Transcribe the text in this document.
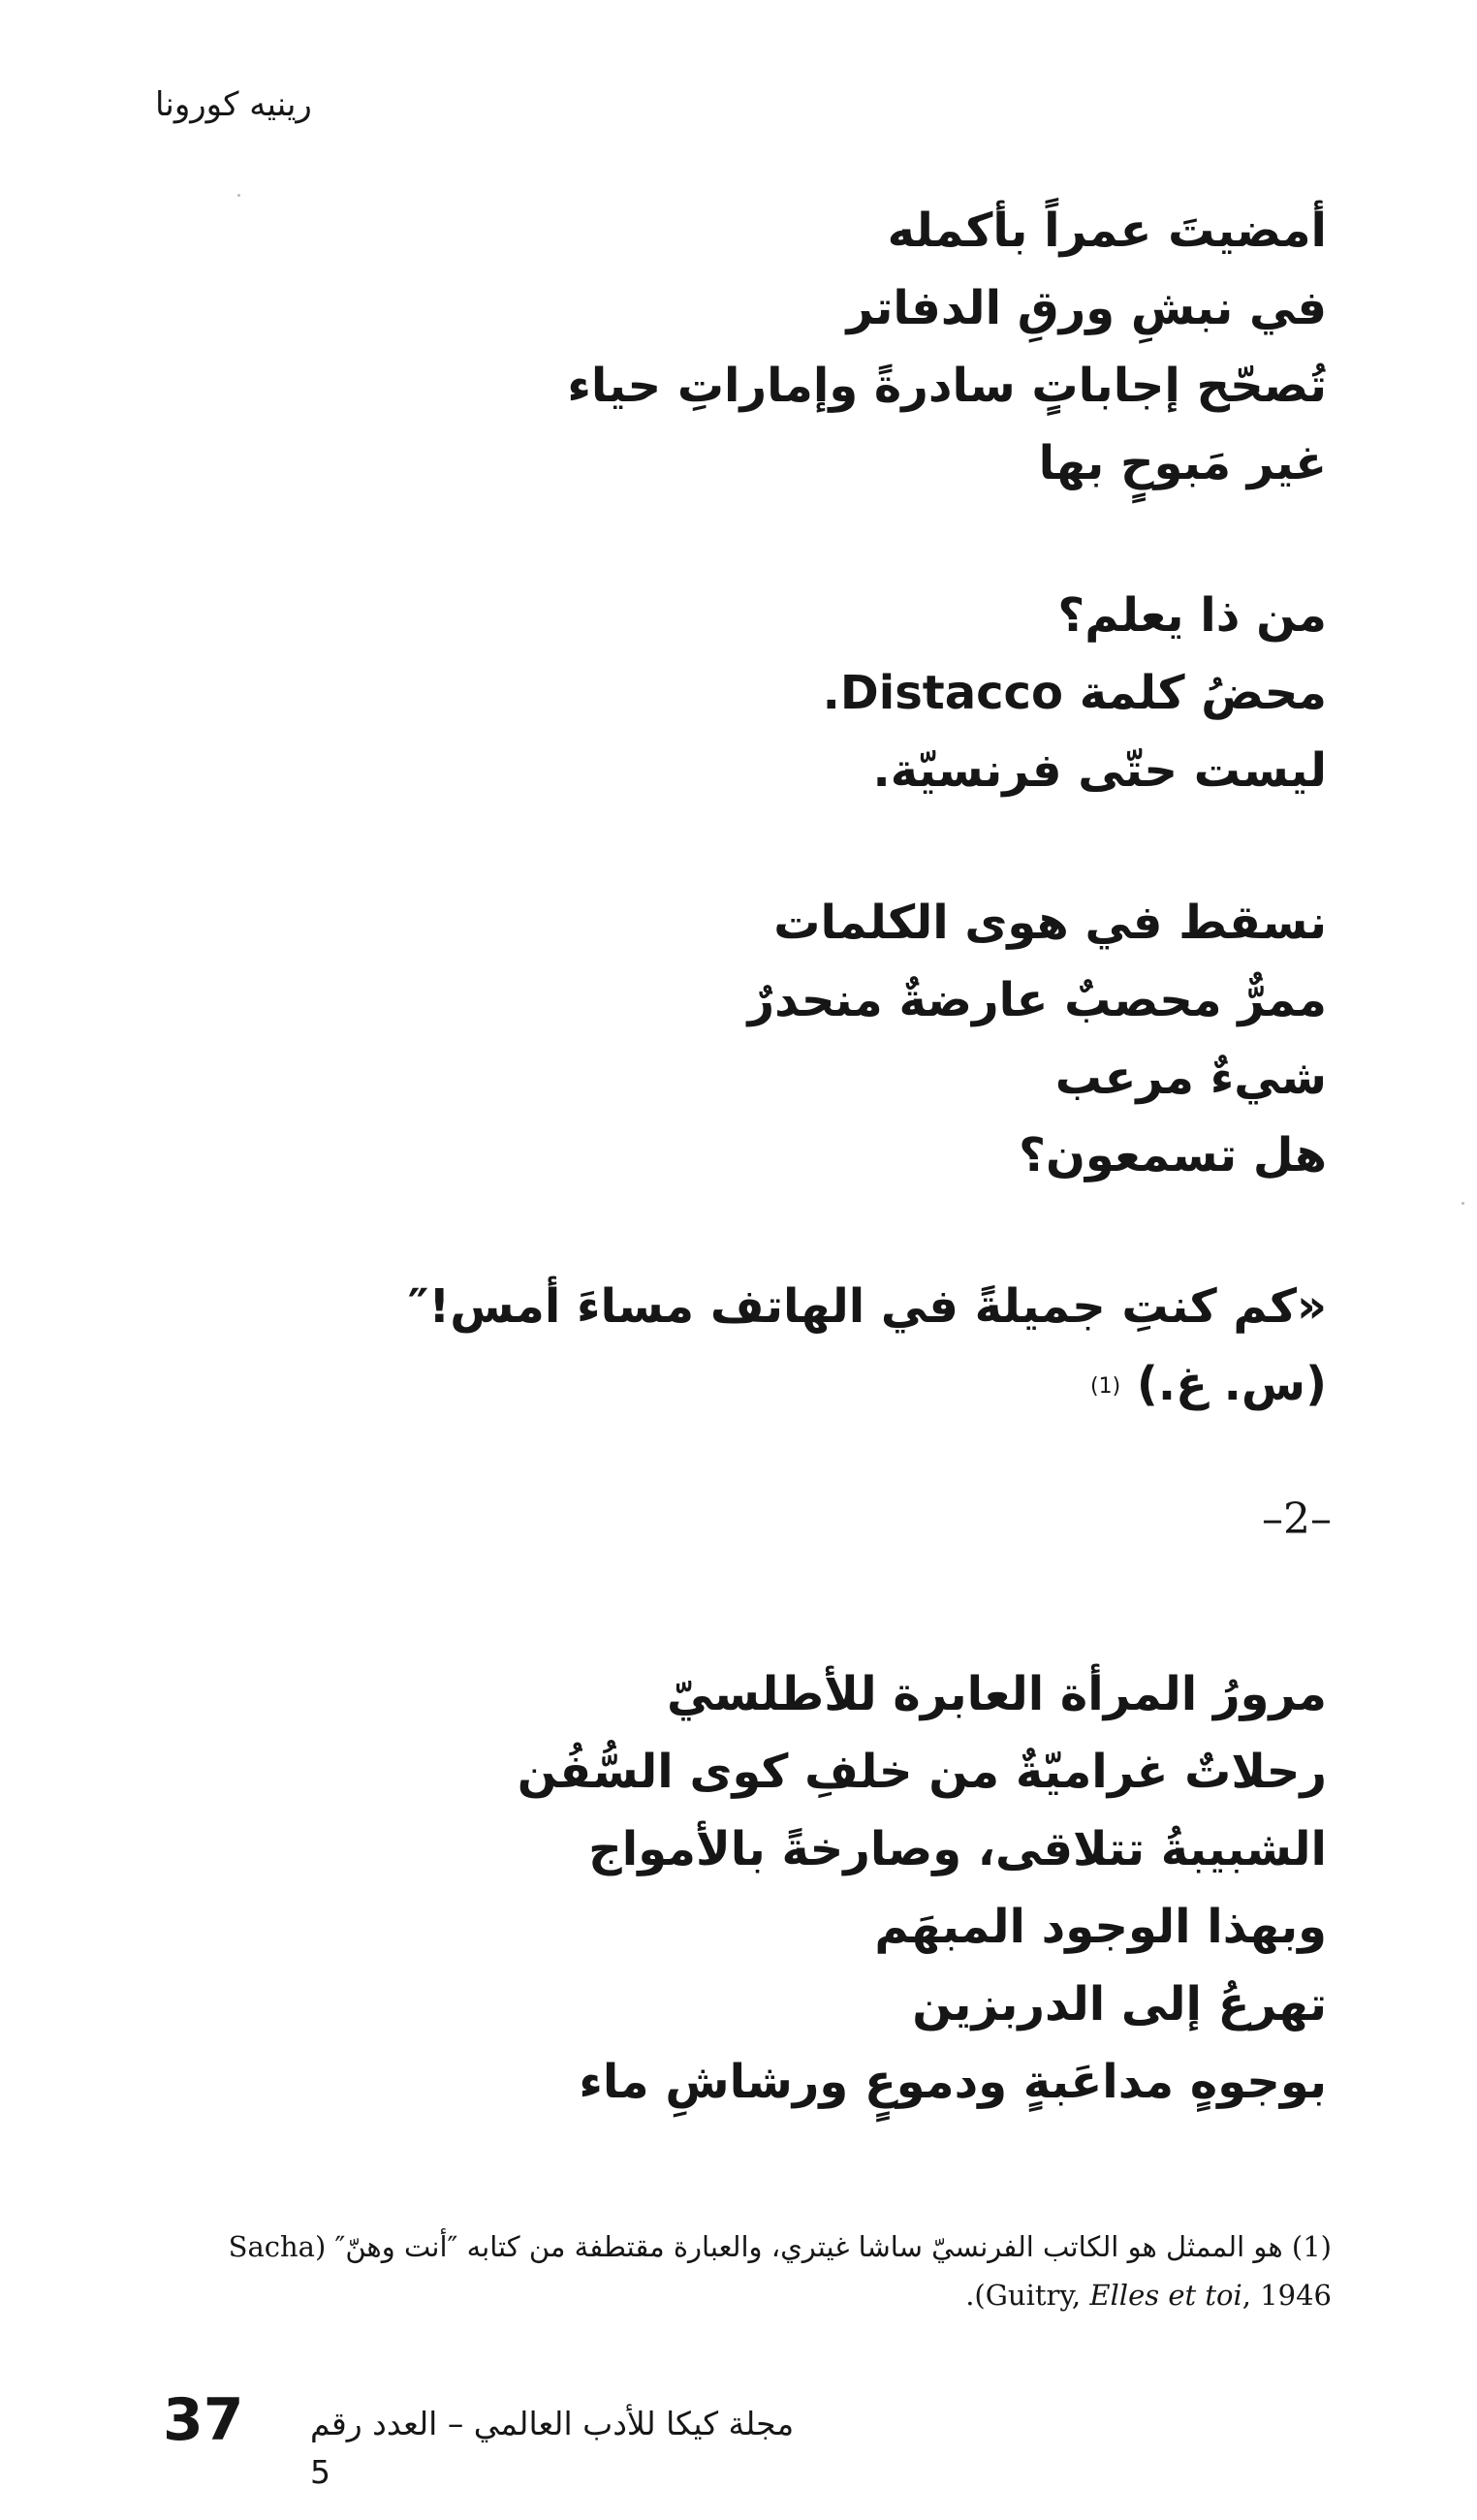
رينيه كورونا
أمضيتَ عمراً بأكمله
في نبشِ ورقِ الدفاتر
تُصحّح إجاباتٍ سادرةً وإماراتِ حياء
غير مَبوحٍ بها
من ذا يعلم؟
محضُ كلمة Distacco.
ليست حتّى فرنسيّة.
نسقط في هوى الكلمات
ممرٌّ محصبٌ عارضةٌ منحدرٌ
شيءٌ مرعب
هل تسمعون؟
«كم كنتِ جميلةً في الهاتف مساءَ أمس!″
(س. غ.) (1)
–2–
مرورُ المرأة العابرة للأطلسيّ
رحلاتٌ غراميّةٌ من خلفِ كوى السُّفُن
الشبيبةُ تتلاقى، وصارخةً بالأمواج
وبهذا الوجود المبهَم
تهرعُ إلى الدربزين
بوجوهٍ مداعَبةٍ ودموعٍ ورشاشِ ماء
(1) هو الممثل هو الكاتب الفرنسيّ ساشا غيتري، والعبارة مقتطفة من كتابه ″أنت وهنّ″ (Sacha
.(Guitry, Elles et toi, 1946
37 مجلة كيكا للأدب العالمي – العدد رقم 5
